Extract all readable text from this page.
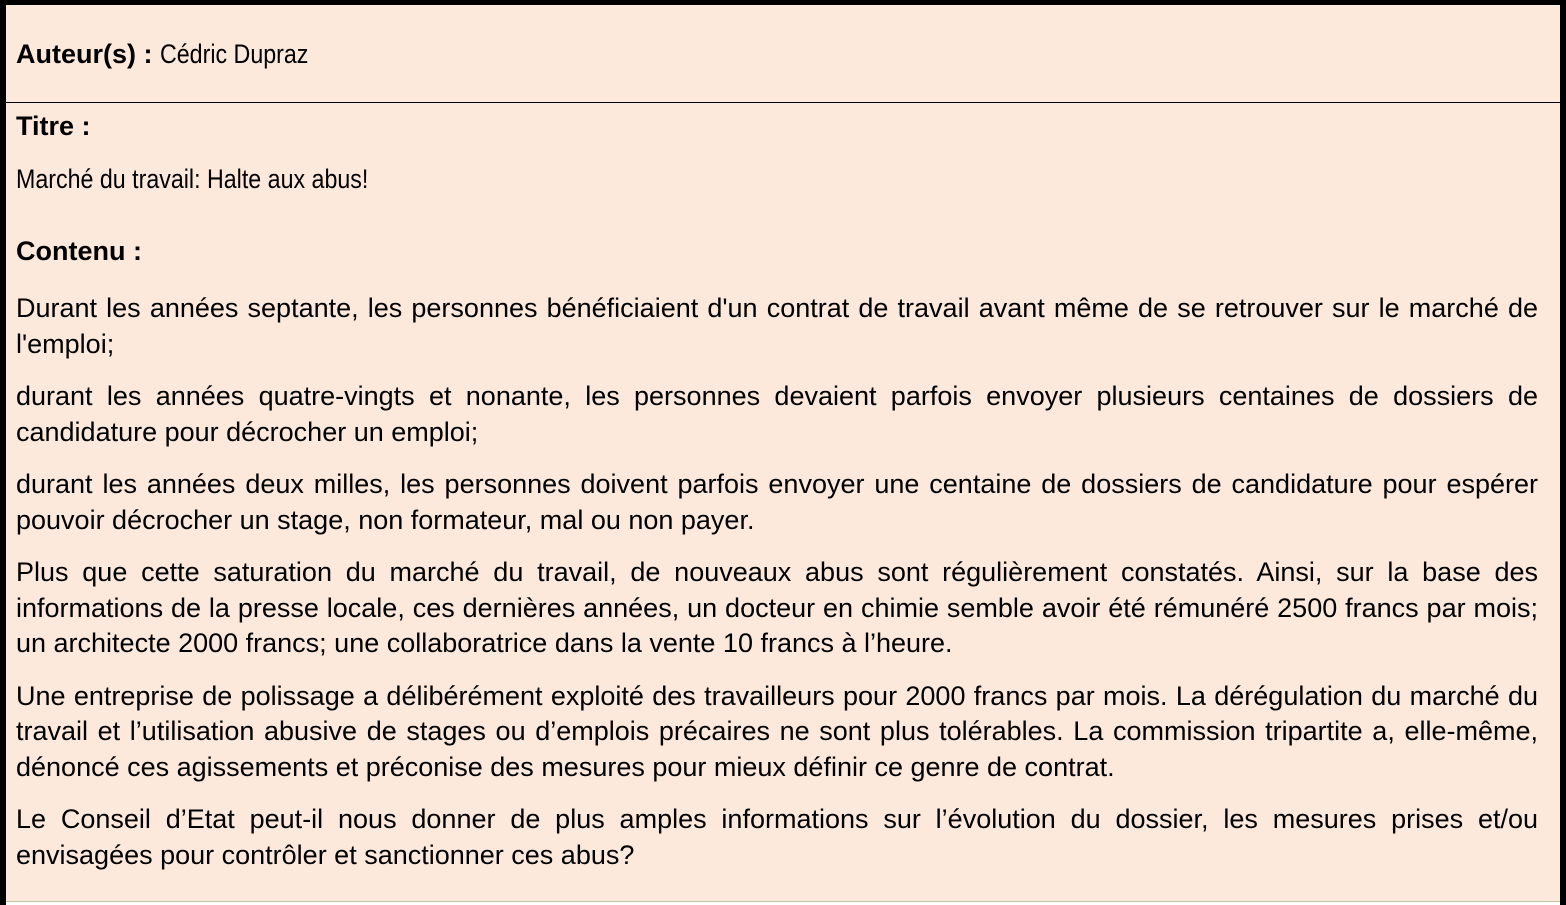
Auteur(s) : Cédric Dupraz
Titre :
Marché du travail: Halte aux abus!
Contenu :

Durant les années septante, les personnes bénéficiaient d'un contrat de travail avant même de se retrouver sur le marché de l'emploi;

durant les années quatre-vingts et nonante, les personnes devaient parfois envoyer plusieurs centaines de dossiers de candidature pour décrocher un emploi;

durant les années deux milles, les personnes doivent parfois envoyer une centaine de dossiers de candidature pour espérer pouvoir décrocher un stage, non formateur, mal ou non payer.

Plus que cette saturation du marché du travail, de nouveaux abus sont régulièrement constatés. Ainsi, sur la base des informations de la presse locale, ces dernières années, un docteur en chimie semble avoir été rémunéré 2500 francs par mois; un architecte 2000 francs; une collaboratrice dans la vente 10 francs à l’heure.

Une entreprise de polissage a délibérément exploité des travailleurs pour 2000 francs par mois. La dérégulation du marché du travail et l’utilisation abusive de stages ou d’emplois précaires ne sont plus tolérables. La commission tripartite a, elle-même, dénoncé ces agissements et préconise des mesures pour mieux définir ce genre de contrat.

Le Conseil d’Etat peut-il nous donner de plus amples informations sur l’évolution du dossier, les mesures prises et/ou envisagées pour contrôler et sanctionner ces abus?
